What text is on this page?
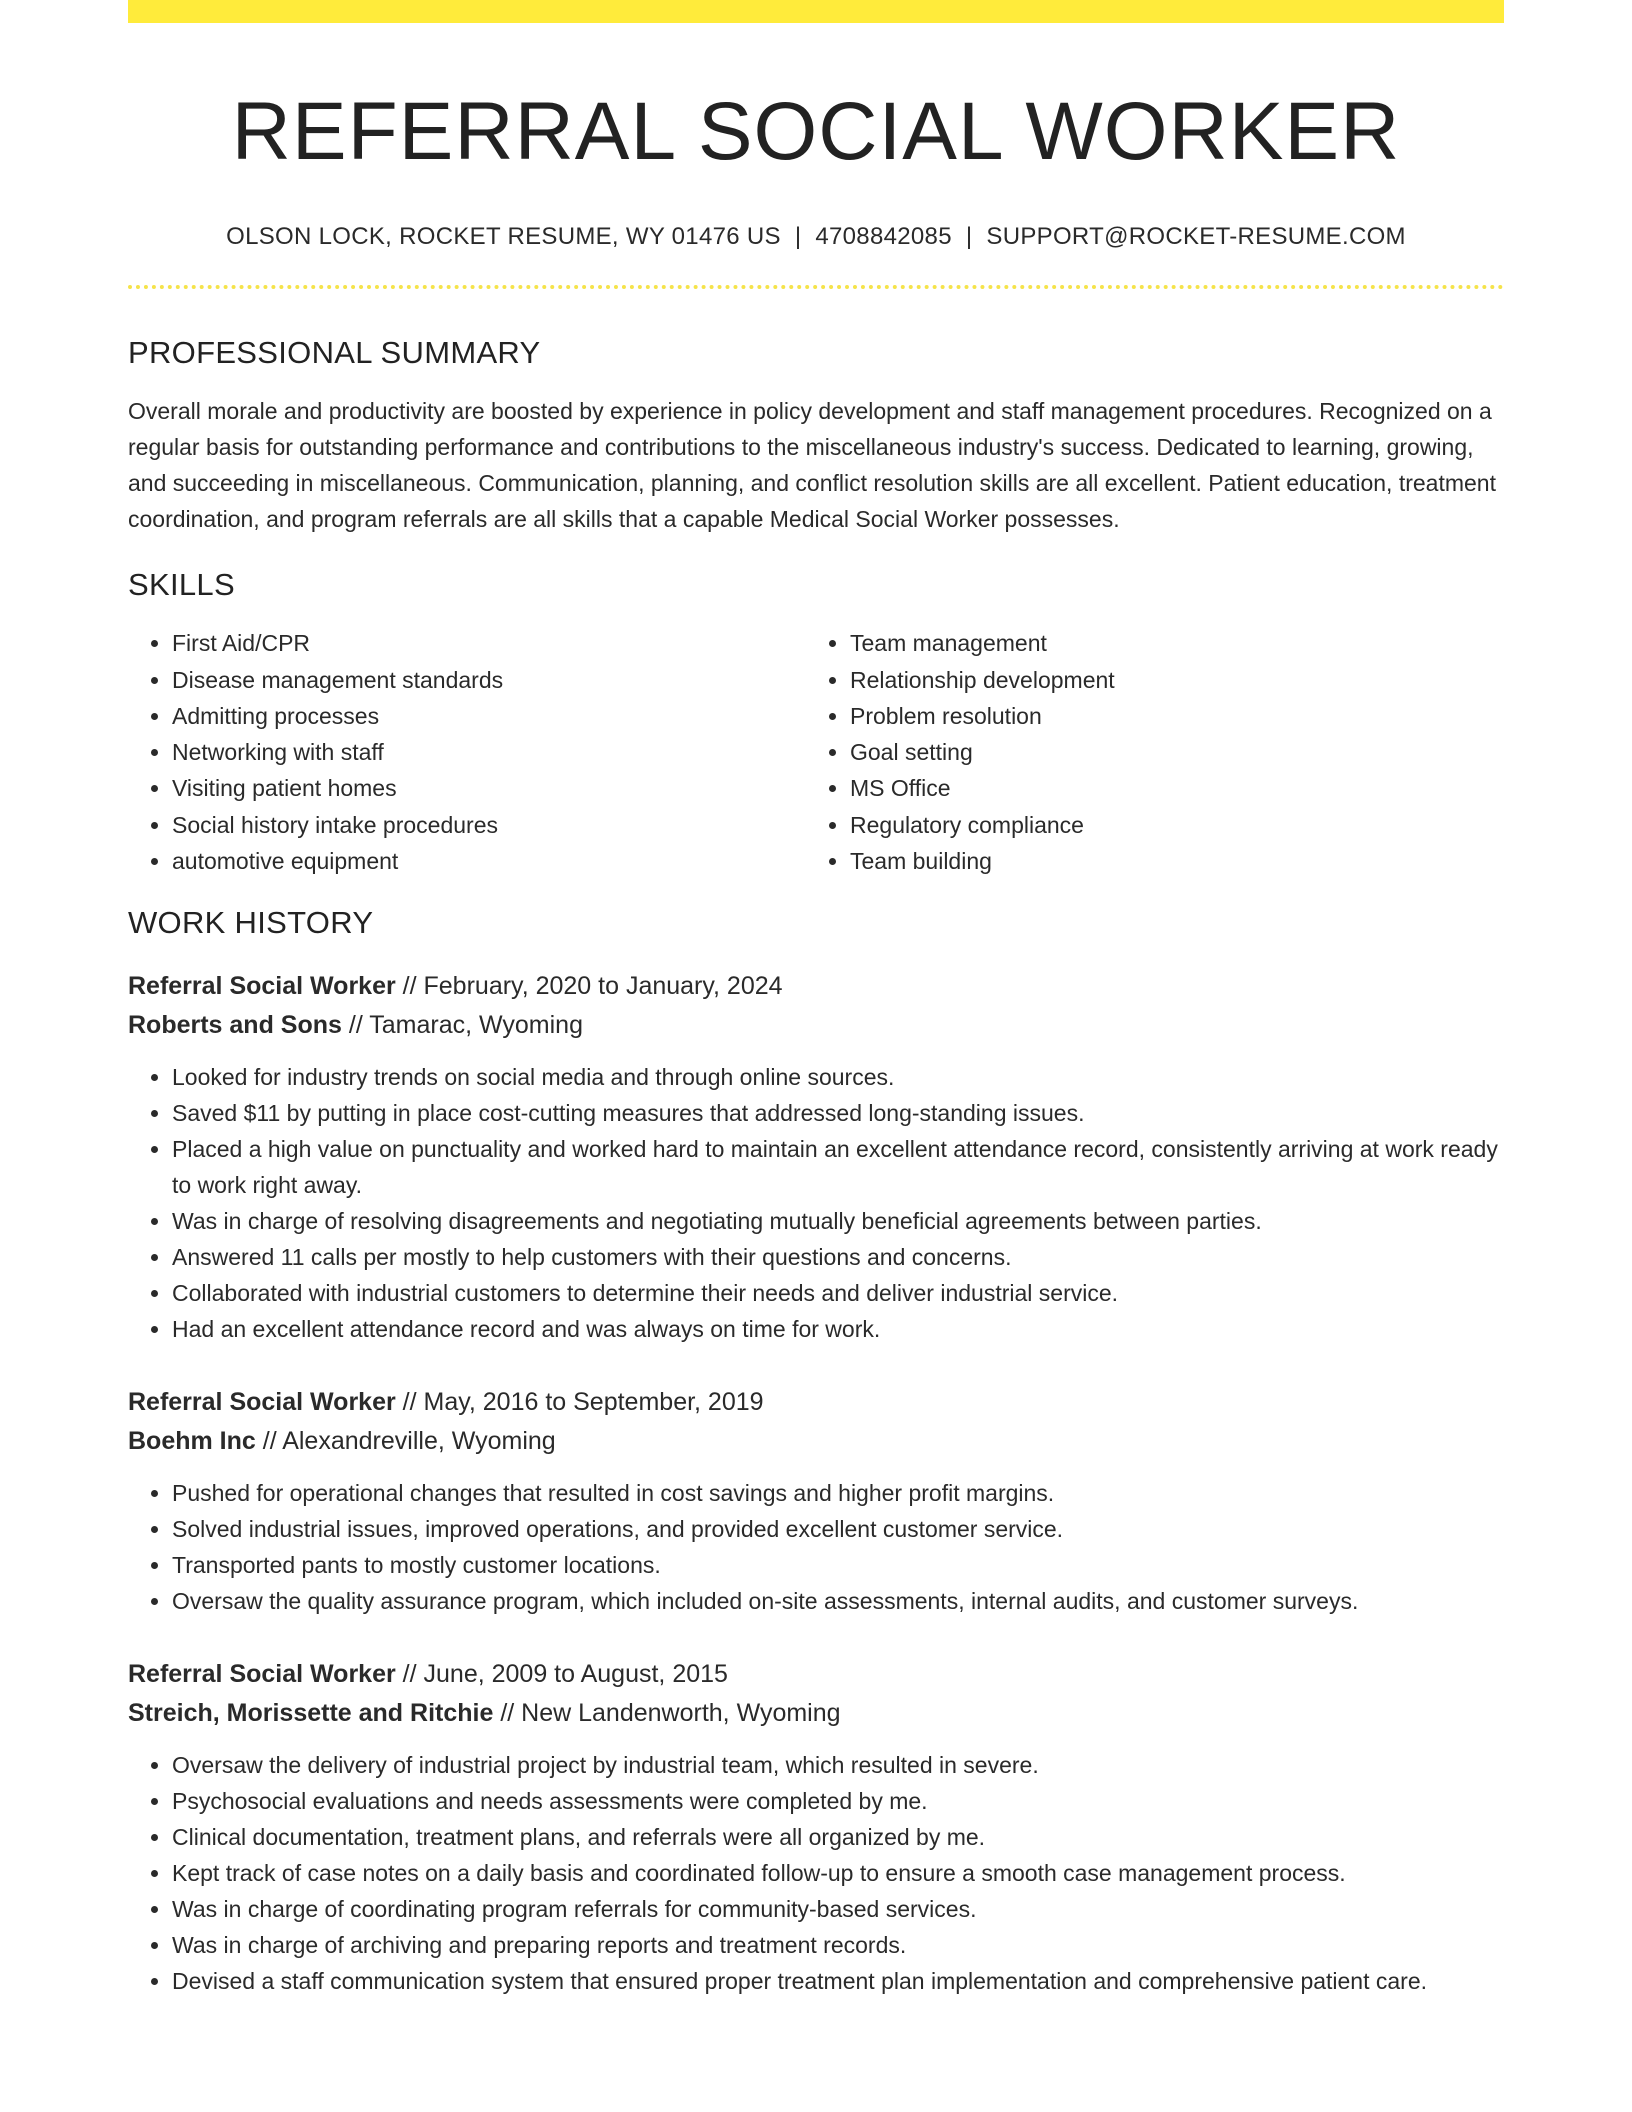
REFERRAL SOCIAL WORKER
OLSON LOCK, ROCKET RESUME, WY 01476 US | 4708842085 | SUPPORT@ROCKET-RESUME.COM
PROFESSIONAL SUMMARY

Overall morale and productivity are boosted by experience in policy development and staff management procedures. Recognized on a regular basis for outstanding performance and contributions to the miscellaneous industry's success. Dedicated to learning, growing, and succeeding in miscellaneous. Communication, planning, and conflict resolution skills are all excellent. Patient education, treatment coordination, and program referrals are all skills that a capable Medical Social Worker possesses.

SKILLS
• First Aid/CPR
• Disease management standards
• Admitting processes
• Networking with staff
• Visiting patient homes
• Social history intake procedures
• automotive equipment
• Team management
• Relationship development
• Problem resolution
• Goal setting
• MS Office
• Regulatory compliance
• Team building
WORK HISTORY
Referral Social Worker // February, 2020 to January, 2024
Roberts and Sons // Tamarac, Wyoming
• Looked for industry trends on social media and through online sources.
• Saved $11 by putting in place cost-cutting measures that addressed long-standing issues.
• Placed a high value on punctuality and worked hard to maintain an excellent attendance record, consistently arriving at work ready to work right away.
• Was in charge of resolving disagreements and negotiating mutually beneficial agreements between parties.
• Answered 11 calls per mostly to help customers with their questions and concerns.
• Collaborated with industrial customers to determine their needs and deliver industrial service.
• Had an excellent attendance record and was always on time for work.
Referral Social Worker // May, 2016 to September, 2019
Boehm Inc // Alexandreville, Wyoming
• Pushed for operational changes that resulted in cost savings and higher profit margins.
• Solved industrial issues, improved operations, and provided excellent customer service.
• Transported pants to mostly customer locations.
• Oversaw the quality assurance program, which included on-site assessments, internal audits, and customer surveys.
Referral Social Worker // June, 2009 to August, 2015
Streich, Morissette and Ritchie // New Landenworth, Wyoming
• Oversaw the delivery of industrial project by industrial team, which resulted in severe.
• Psychosocial evaluations and needs assessments were completed by me.
• Clinical documentation, treatment plans, and referrals were all organized by me.
• Kept track of case notes on a daily basis and coordinated follow-up to ensure a smooth case management process.
• Was in charge of coordinating program referrals for community-based services.
• Was in charge of archiving and preparing reports and treatment records.
• Devised a staff communication system that ensured proper treatment plan implementation and comprehensive patient care.
